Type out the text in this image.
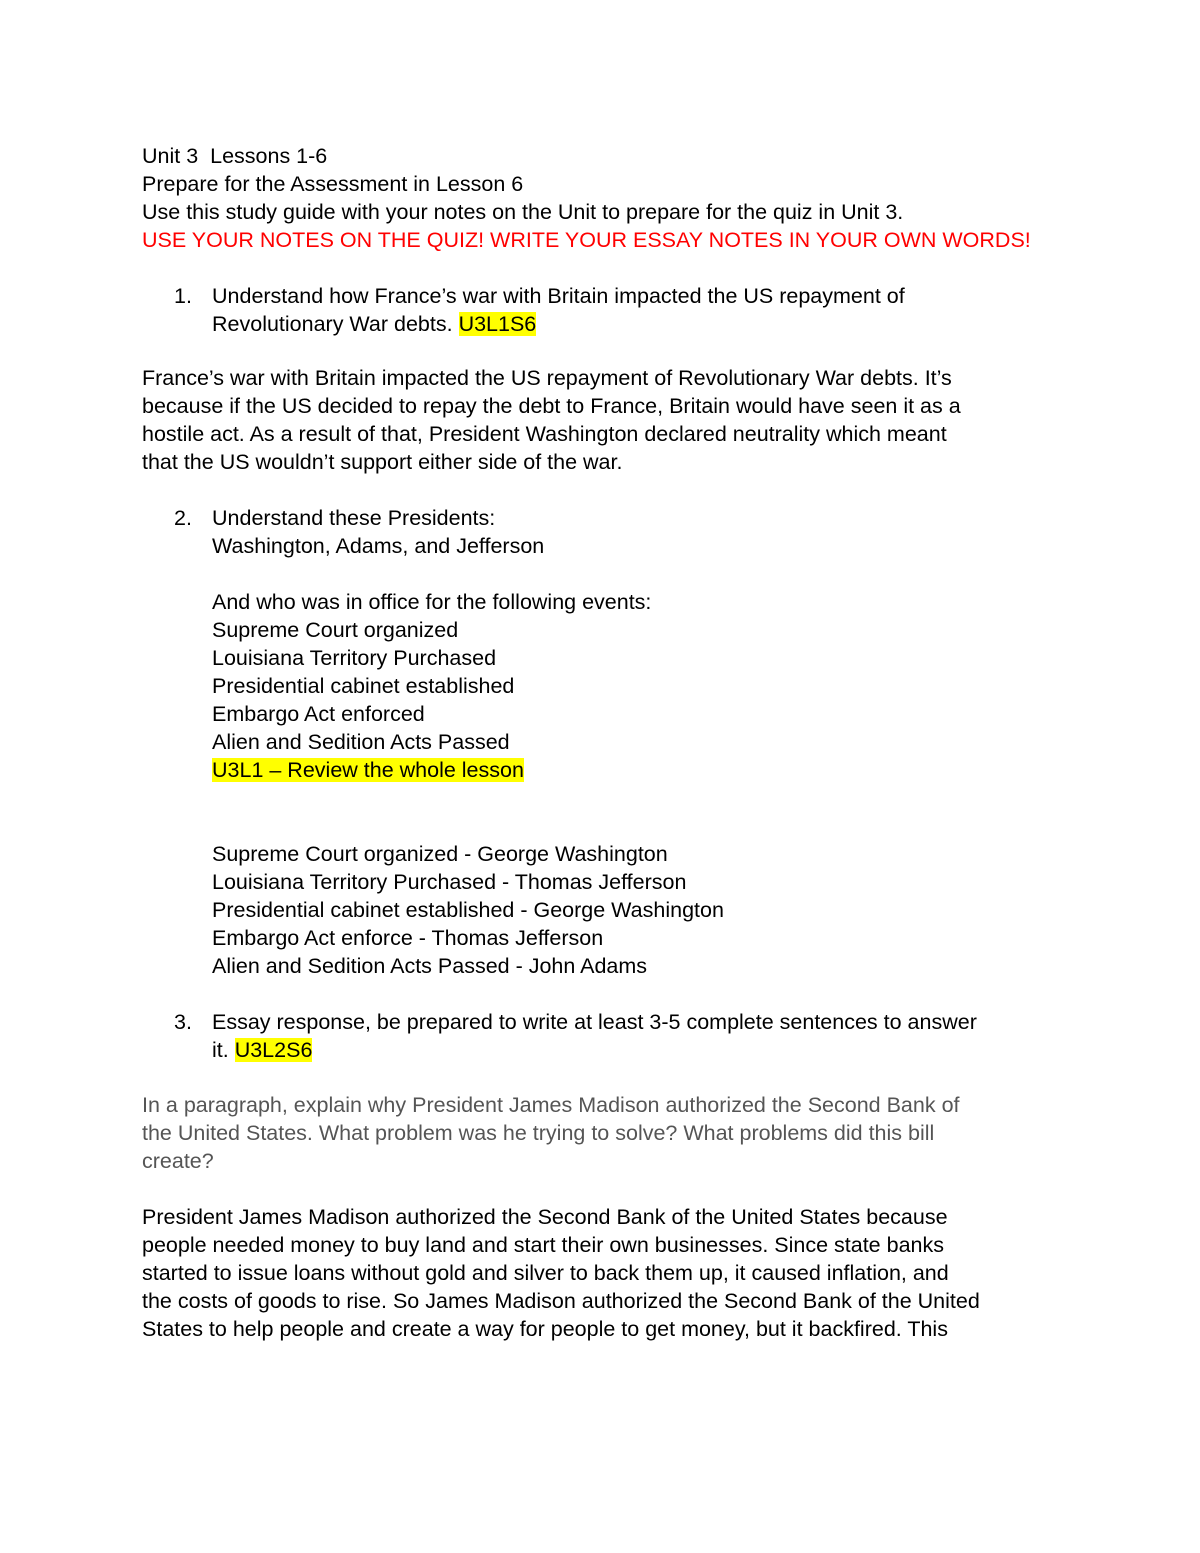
Unit 3  Lessons 1-6
Prepare for the Assessment in Lesson 6
Use this study guide with your notes on the Unit to prepare for the quiz in Unit 3.
USE YOUR NOTES ON THE QUIZ! WRITE YOUR ESSAY NOTES IN YOUR OWN WORDS!
1. Understand how France’s war with Britain impacted the US repayment of
Revolutionary War debts. U3L1S6
France’s war with Britain impacted the US repayment of Revolutionary War debts. It’s
because if the US decided to repay the debt to France, Britain would have seen it as a
hostile act. As a result of that, President Washington declared neutrality which meant
that the US wouldn’t support either side of the war.
2. Understand these Presidents:
Washington, Adams, and Jefferson
And who was in office for the following events:
Supreme Court organized
Louisiana Territory Purchased
Presidential cabinet established
Embargo Act enforced
Alien and Sedition Acts Passed
U3L1 – Review the whole lesson
Supreme Court organized - George Washington
Louisiana Territory Purchased - Thomas Jefferson
Presidential cabinet established - George Washington
Embargo Act enforce - Thomas Jefferson
Alien and Sedition Acts Passed - John Adams
3. Essay response, be prepared to write at least 3-5 complete sentences to answer
it. U3L2S6
In a paragraph, explain why President James Madison authorized the Second Bank of
the United States. What problem was he trying to solve? What problems did this bill
create?
President James Madison authorized the Second Bank of the United States because
people needed money to buy land and start their own businesses. Since state banks
started to issue loans without gold and silver to back them up, it caused inflation, and
the costs of goods to rise. So James Madison authorized the Second Bank of the United
States to help people and create a way for people to get money, but it backfired. This
